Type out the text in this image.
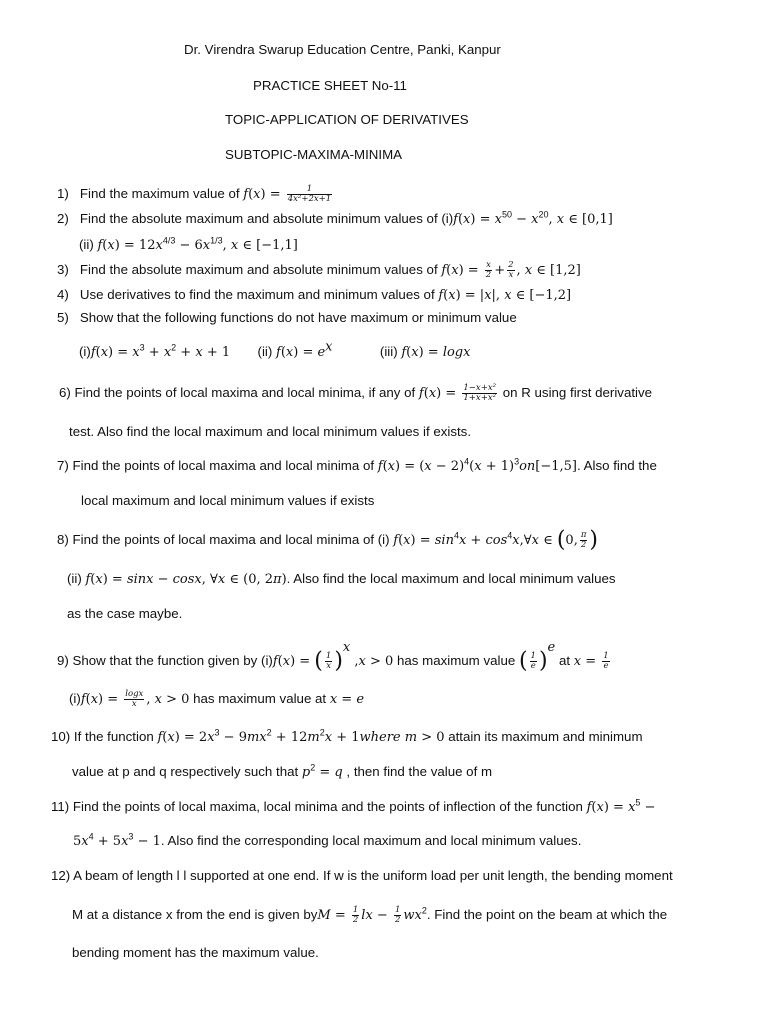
Dr. Virendra Swarup Education Centre, Panki, Kanpur
PRACTICE SHEET No-11
TOPIC-APPLICATION OF DERIVATIVES
SUBTOPIC-MAXIMA-MINIMA
1) Find the maximum value of $f(x) = \frac{1}{\text{4x²+2x+1}}$
2) Find the absolute maximum and absolute minimum values of $(i)f(x) = x^{50} - x^{20}$, x ∈ [0,1]
(ii) $f(x) = 12x^{4/3} - 6x^{1/3}$, x ∈ [−1,1]
3) Find the absolute maximum and absolute minimum values of $f(x) = \frac{x}{2} + \frac{2}{x}$ , x ∈ [1,2]
4) Use derivatives to find the maximum and minimum values of f(x) = |x|, x ∈ [−1,2]
5) Show that the following functions do not have maximum or minimum value
$(i)f(x) = x^3 + x^2 + x + 1$ (ii) $f(x) = e^x$	(iii) f(x) = logx
6) Find the points of local maxima and local minima, if any of $f(x) = \frac{\text{1−x+x²}}{\text{1+x+x²}}$ on R using first derivative
test. Also find the local maximum and local minimum values if exists.
7) Find the points of local maxima and local minima of $f(x) = (x - 2)^4(x + 1)^3on[-1,5]$. Also find the
local maximum and local minimum values if exists
8) Find the points of local maxima and local minima of (i) $f(x) = \sin^4x$ + $\cos^4x,\forall x$ ∈ (0, $\frac{\pi}{2}$ )
(ii) f(x) = sinx − cosx, ∀x ∈ (0, 2π). Also find the local maximum and local minimum values
as the case maybe.
9) Show that the function given by (i)f(x) = ( $\frac{1}{x} )^x$ ,x > 0 has maximum value ( $\frac{1}{e} )^e$ at $x = \frac{1}{e}$
$(i)f(x) = \frac{\log x}{x}$ , x > 0 has maximum value at x = e
10) If the function $f(x) = 2x^3 - 9mx^2 + 12m^2x$ + 1where m > 0 attain its maximum and minimum
value at p and q respectively such that $p^2 = q$ , then find the value of m
11) Find the points of local maxima, local minima and the points of inflection of the function $f(x) = x^5$ −
$5x^4 + 5x^3 - 1$. Also find the corresponding local maximum and local minimum values.
12) A beam of length l l supported at one end. If w is the uniform load per unit length, the bending moment
M at a distance x from the end is given byM = $\frac{1}{2}$ lx − $\frac{1}{2} wx^2$. Find the point on the beam at which the
bending moment has the maximum value.
